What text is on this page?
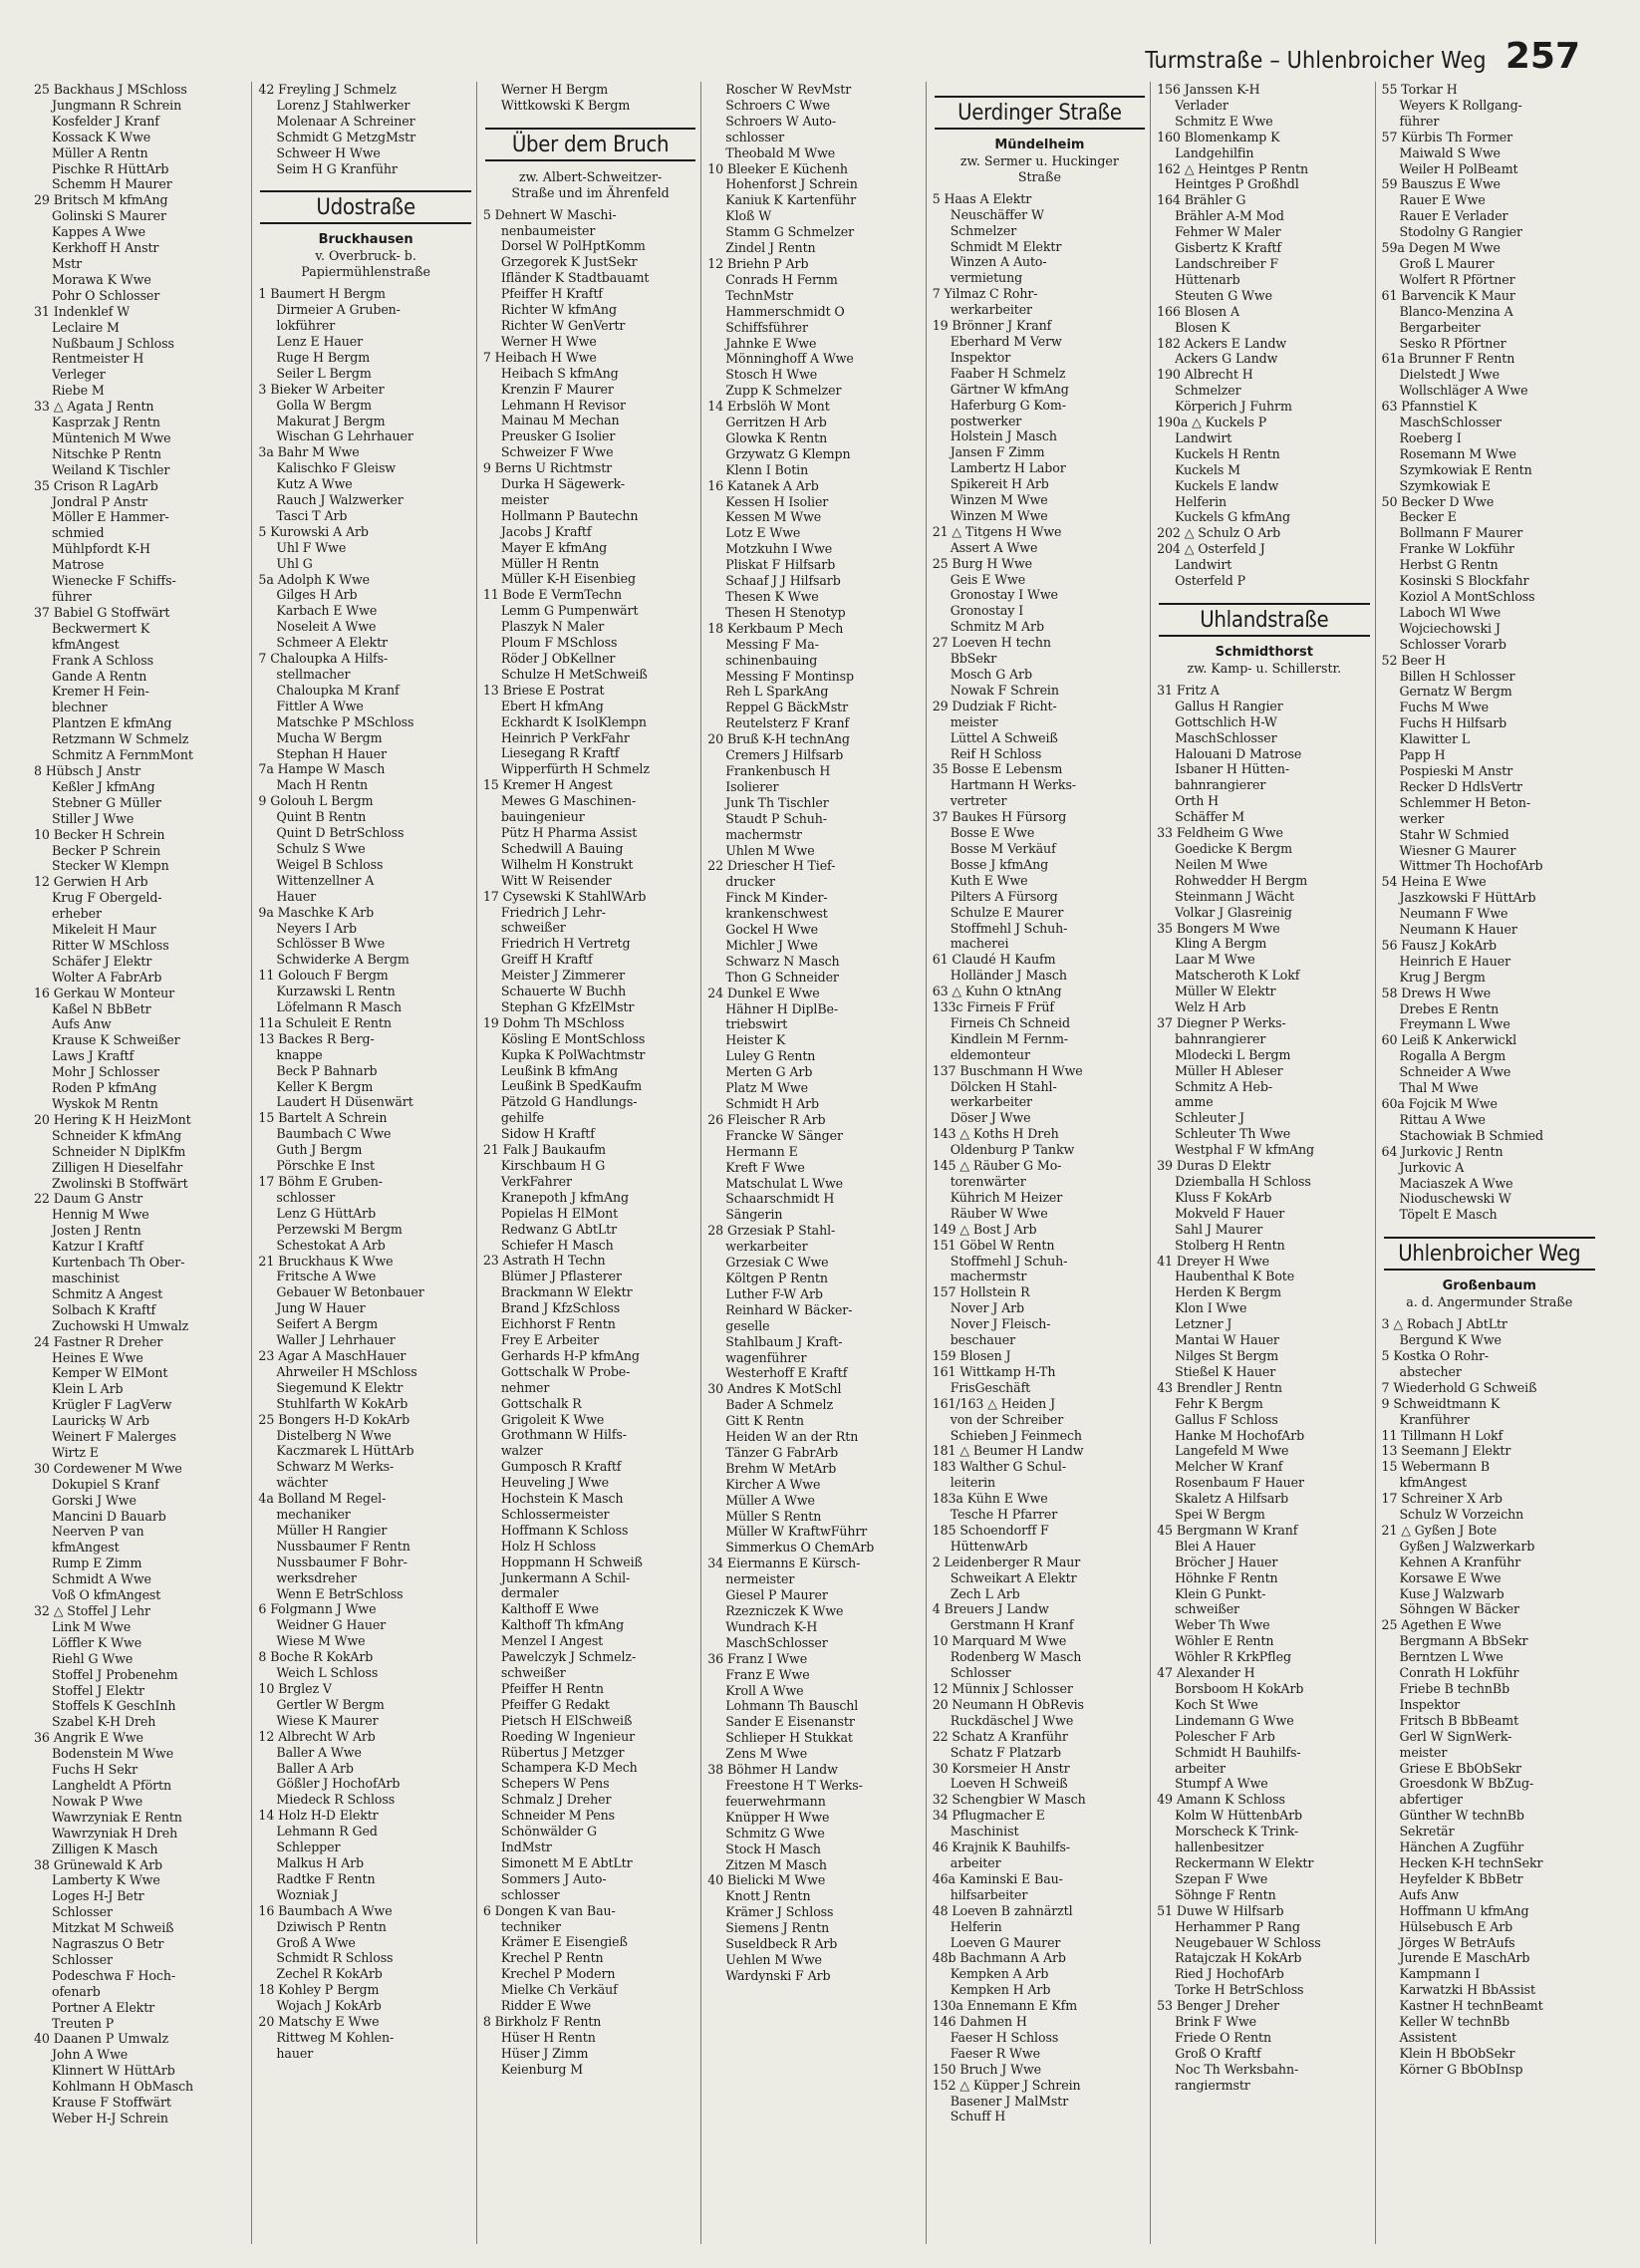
Turmstraße – Uhlenbroicher Weg 257
25 Backhaus J MSchloss
Jungmann R Schrein
Kosfelder J Kranf
Kossack K Wwe
Müller A Rentn
Pischke R HüttArb
Schemm H Maurer
29 Britsch M kfmAng
Golinski S Maurer
Kappes A Wwe
Kerkhoff H Anstr
Mstr
Morawa K Wwe
Pohr O Schlosser
31 Indenklef W
Leclaire M
Nußbaum J Schloss
Rentmeister H
Verleger
Riebe M
33 △ Agata J Rentn
Kasprzak J Rentn
Müntenich M Wwe
Nitschke P Rentn
Weiland K Tischler
35 Crison R LagArb
Jondral P Anstr
Möller E Hammer-
schmied
Mühlpfordt K-H
Matrose
Wienecke F Schiffs-
führer
37 Babiel G Stoffwärt
Beckwermert K
kfmAngest
Frank A Schloss
Gande A Rentn
Kremer H Fein-
blechner
Plantzen E kfmAng
Retzmann W Schmelz
Schmitz A FernmMont
8 Hübsch J Anstr
Keßler J kfmAng
Stebner G Müller
Stiller J Wwe
10 Becker H Schrein
Becker P Schrein
Stecker W Klempn
12 Gerwien H Arb
Krug F Obergeld-
erheber
Mikeleit H Maur
Ritter W MSchloss
Schäfer J Elektr
Wolter A FabrArb
16 Gerkau W Monteur
Kaßel N BbBetr
Aufs Anw
Krause K Schweißer
Laws J Kraftf
Mohr J Schlosser
Roden P kfmAng
Wyskok M Rentn
20 Hering K H HeizMont
Schneider K kfmAng
Schneider N DiplKfm
Zilligen H Dieselfahr
Zwolinski B Stoffwärt
22 Daum G Anstr
Hennig M Wwe
Josten J Rentn
Katzur I Kraftf
Kurtenbach Th Ober-
maschinist
Schmitz A Angest
Solbach K Kraftf
Zuchowski H Umwalz
24 Fastner R Dreher
Heines E Wwe
Kemper W ElMont
Klein L Arb
Krügler F LagVerw
Laurickș W Arb
Weinert F Malerges
Wirtz E
30 Cordewener M Wwe
Dokupiel S Kranf
Gorski J Wwe
Mancini D Bauarb
Neerven P van
kfmAngest
Rump E Zimm
Schmidt A Wwe
Voß O kfmAngest
32 △ Stoffel J Lehr
Link M Wwe
Löffler K Wwe
Riehl G Wwe
Stoffel J Probenehm
Stoffel J Elektr
Stoffels K GeschInh
Szabel K-H Dreh
36 Angrik E Wwe
Bodenstein M Wwe
Fuchs H Sekr
Langheldt A Pförtn
Nowak P Wwe
Wawrzyniak E Rentn
Wawrzyniak H Dreh
Zilligen K Masch
38 Grünewald K Arb
Lamberty K Wwe
Loges H-J Betr
Schlosser
Mitzkat M Schweiß
Nagraszus O Betr
Schlosser
Podeschwa F Hoch-
ofenarb
Portner A Elektr
Treuten P
40 Daanen P Umwalz
John A Wwe
Klinnert W HüttArb
Kohlmann H ObMasch
Krause F Stoffwärt
Weber H-J Schrein
42 Freyling J Schmelz
Lorenz J Stahlwerker
Molenaar A Schreiner
Schmidt G MetzgMstr
Schweer H Wwe
Seim H G Kranführ
Udostraße
Bruckhausen
v. Overbruck- b.
Papiermühlenstraße
1 Baumert H Bergm
Dirmeier A Gruben-
lokführer
Lenz E Hauer
Ruge H Bergm
Seiler L Bergm
3 Bieker W Arbeiter
Golla W Bergm
Makurat J Bergm
Wischan G Lehrhauer
3a Bahr M Wwe
Kalischko F Gleisw
Kutz A Wwe
Rauch J Walzwerker
Tasci T Arb
5 Kurowski A Arb
Uhl F Wwe
Uhl G
5a Adolph K Wwe
Gilges H Arb
Karbach E Wwe
Noseleit A Wwe
Schmeer A Elektr
7 Chaloupka A Hilfs-
stellmacher
Chaloupka M Kranf
Fittler A Wwe
Matschke P MSchloss
Mucha W Bergm
Stephan H Hauer
7a Hampe W Masch
Mach H Rentn
9 Golouh L Bergm
Quint B Rentn
Quint D BetrSchloss
Schulz S Wwe
Weigel B Schloss
Wittenzellner A
Hauer
9a Maschke K Arb
Neyers I Arb
Schlösser B Wwe
Schwiderke A Bergm
11 Golouch F Bergm
Kurzawski L Rentn
Löfelmann R Masch
11a Schuleit E Rentn
13 Backes R Berg-
knappe
Beck P Bahnarb
Keller K Bergm
Laudert H Düsenwärt
15 Bartelt A Schrein
Baumbach C Wwe
Guth J Bergm
Pörschke E Inst
17 Böhm E Gruben-
schlosser
Lenz G HüttArb
Perzewski M Bergm
Schestokat A Arb
21 Bruckhaus K Wwe
Fritsche A Wwe
Gebauer W Betonbauer
Jung W Hauer
Seifert A Bergm
Waller J Lehrhauer
23 Agar A MaschHauer
Ahrweiler H MSchloss
Siegemund K Elektr
Stuhlfarth W KokArb
25 Bongers H-D KokArb
Distelberg N Wwe
Kaczmarek L HüttArb
Schwarz M Werks-
wächter
4a Bolland M Regel-
mechaniker
Müller H Rangier
Nussbaumer F Rentn
Nussbaumer F Bohr-
werksdreher
Wenn E BetrSchloss
6 Folgmann J Wwe
Weidner G Hauer
Wiese M Wwe
8 Boche R KokArb
Weich L Schloss
10 Brglez V
Gertler W Bergm
Wiese K Maurer
12 Albrecht W Arb
Baller A Wwe
Baller A Arb
Gößler J HochofArb
Miedeck R Schloss
14 Holz H-D Elektr
Lehmann R Ged
Schlepper
Malkus H Arb
Radtke F Rentn
Wozniak J
16 Baumbach A Wwe
Dziwisch P Rentn
Groß A Wwe
Schmidt R Schloss
Zechel R KokArb
18 Kohley P Bergm
Wojach J KokArb
20 Matschy E Wwe
Rittweg M Kohlen-
hauer
Werner H Bergm
Wittkowski K Bergm
Über dem Bruch
zw. Albert-Schweitzer-
Straße und im Ährenfeld
5 Dehnert W Maschi-
nenbaumeister
Dorsel W PolHptKomm
Grzegorek K JustSekr
Ifländer K Stadtbauamt
Pfeiffer H Kraftf
Richter W kfmAng
Richter W GenVertr
Werner H Wwe
7 Heibach H Wwe
Heibach S kfmAng
Krenzin F Maurer
Lehmann H Revisor
Mainau M Mechan
Preusker G Isolier
Schweizer F Wwe
9 Berns U Richtmstr
Durka H Sägewerk-
meister
Hollmann P Bautechn
Jacobs J Kraftf
Mayer E kfmAng
Müller H Rentn
Müller K-H Eisenbieg
11 Bode E VermTechn
Lemm G Pumpenwärt
Plaszyk N Maler
Ploum F MSchloss
Röder J ObKellner
Schulze H MetSchweiß
13 Briese E Postrat
Ebert H kfmAng
Eckhardt K IsolKlempn
Heinrich P VerkFahr
Liesegang R Kraftf
Wipperfürth H Schmelz
15 Kremer H Angest
Mewes G Maschinen-
bauingenieur
Pütz H Pharma Assist
Schedwill A Bauing
Wilhelm H Konstrukt
Witt W Reisender
17 Cysewski K StahlWArb
Friedrich J Lehr-
schweißer
Friedrich H Vertretg
Greiff H Kraftf
Meister J Zimmerer
Schauerte W Buchh
Stephan G KfzElMstr
19 Dohm Th MSchloss
Kösling E MontSchloss
Kupka K PolWachtmstr
Leußink B kfmAng
Leußink B SpedKaufm
Pätzold G Handlungs-
gehilfe
Sidow H Kraftf
21 Falk J Baukaufm
Kirschbaum H G
VerkFahrer
Kranepoth J kfmAng
Popielas H ElMont
Redwanz G AbtLtr
Schiefer H Masch
23 Astrath H Techn
Blümer J Pflasterer
Brackmann W Elektr
Brand J KfzSchloss
Eichhorst F Rentn
Frey E Arbeiter
Gerhards H-P kfmAng
Gottschalk W Probe-
nehmer
Gottschalk R
Grigoleit K Wwe
Grothmann W Hilfs-
walzer
Gumposch R Kraftf
Heuveling J Wwe
Hochstein K Masch
Schlossermeister
Hoffmann K Schloss
Holz H Schloss
Hoppmann H Schweiß
Junkermann A Schil-
dermaler
Kalthoff E Wwe
Kalthoff Th kfmAng
Menzel I Angest
Pawelczyk J Schmelz-
schweißer
Pfeiffer H Rentn
Pfeiffer G Redakt
Pietsch H ElSchweiß
Roeding W Ingenieur
Rübertus J Metzger
Schampera K-D Mech
Schepers W Pens
Schmalz J Dreher
Schneider M Pens
Schönwälder G
IndMstr
Simonett M E AbtLtr
Sommers J Auto-
schlosser
6 Dongen K van Bau-
techniker
Krämer E Eisengieß
Krechel P Rentn
Krechel P Modern
Mielke Ch Verkäuf
Ridder E Wwe
8 Birkholz F Rentn
Hüser H Rentn
Hüser J Zimm
Keienburg M
Roscher W RevMstr
Schroers C Wwe
Schroers W Auto-
schlosser
Theobald M Wwe
10 Bleeker E Küchenh
Hohenforst J Schrein
Kaniuk K Kartenführ
Kloß W
Stamm G Schmelzer
Zindel J Rentn
12 Briehn P Arb
Conrads H Fernm
TechnMstr
Hammerschmidt O
Schiffsführer
Jahnke E Wwe
Mönninghoff A Wwe
Stosch H Wwe
Zupp K Schmelzer
14 Erbslöh W Mont
Gerritzen H Arb
Glowka K Rentn
Grzywatz G Klempn
Klenn I Botin
16 Katanek A Arb
Kessen H Isolier
Kessen M Wwe
Lotz E Wwe
Motzkuhn I Wwe
Pliskat F Hilfsarb
Schaaf J J Hilfsarb
Thesen K Wwe
Thesen H Stenotyp
18 Kerkbaum P Mech
Messing F Ma-
schinenbauing
Messing F Montinsp
Reh L SparkAng
Reppel G BäckMstr
Reutelsterz F Kranf
20 Bruß K-H technAng
Cremers J Hilfsarb
Frankenbusch H
Isolierer
Junk Th Tischler
Staudt P Schuh-
machermstr
Uhlen M Wwe
22 Driescher H Tief-
drucker
Finck M Kinder-
krankenschwest
Gockel H Wwe
Michler J Wwe
Schwarz N Masch
Thon G Schneider
24 Dunkel E Wwe
Hähner H DiplBe-
triebswirt
Heister K
Luley G Rentn
Merten G Arb
Platz M Wwe
Schmidt H Arb
26 Fleischer R Arb
Francke W Sänger
Hermann E
Kreft F Wwe
Matschulat L Wwe
Schaarschmidt H
Sängerin
28 Grzesiak P Stahl-
werkarbeiter
Grzesiak C Wwe
Költgen P Rentn
Luther F-W Arb
Reinhard W Bäcker-
geselle
Stahlbaum J Kraft-
wagenführer
Westerhoff E Kraftf
30 Andres K MotSchl
Bader A Schmelz
Gitt K Rentn
Heiden W an der Rtn
Tänzer G FabrArb
Brehm W MetArb
Kircher A Wwe
Müller A Wwe
Müller S Rentn
Müller W KraftwFührr
Simmerkus O ChemArb
34 Eiermanns E Kürsch-
nermeister
Giesel P Maurer
Rzezniczek K Wwe
Wundrach K-H
MaschSchlosser
36 Franz I Wwe
Franz E Wwe
Kroll A Wwe
Lohmann Th Bauschl
Sander E Eisenanstr
Schlieper H Stukkat
Zens M Wwe
38 Böhmer H Landw
Freestone H T Werks-
feuerwehrmann
Knüpper H Wwe
Schmitz G Wwe
Stock H Masch
Zitzen M Masch
40 Bielicki M Wwe
Knott J Rentn
Krämer J Schloss
Siemens J Rentn
Suseldbeck R Arb
Uehlen M Wwe
Wardynski F Arb
Uerdinger Straße
Mündelheim
zw. Sermer u. Huckinger
Straße
5 Haas A Elektr
Neuschäffer W
Schmelzer
Schmidt M Elektr
Winzen A Auto-
vermietung
7 Yilmaz C Rohr-
werkarbeiter
19 Brönner J Kranf
Eberhard M Verw
Inspektor
Faaber H Schmelz
Gärtner W kfmAng
Haferburg G Kom-
postwerker
Holstein J Masch
Jansen F Zimm
Lambertz H Labor
Spikereit H Arb
Winzen M Wwe
Winzen M Wwe
21 △ Titgens H Wwe
Assert A Wwe
25 Burg H Wwe
Geis E Wwe
Gronostay I Wwe
Gronostay I
Schmitz M Arb
27 Loeven H techn
BbSekr
Mosch G Arb
Nowak F Schrein
29 Dudziak F Richt-
meister
Lüttel A Schweiß
Reif H Schloss
35 Bosse E Lebensm
Hartmann H Werks-
vertreter
37 Baukes H Fürsorg
Bosse E Wwe
Bosse M Verkäuf
Bosse J kfmAng
Kuth E Wwe
Pilters A Fürsorg
Schulze E Maurer
Stoffmehl J Schuh-
macherei
61 Claudé H Kaufm
Holländer J Masch
63 △ Kuhn O ktnAng
133c Firneis F Früf
Firneis Ch Schneid
Kindlein M Fernm-
eldemonteur
137 Buschmann H Wwe
Dölcken H Stahl-
werkarbeiter
Döser J Wwe
143 △ Koths H Dreh
Oldenburg P Tankw
145 △ Räuber G Mo-
torenwärter
Kührich M Heizer
Räuber W Wwe
149 △ Bost J Arb
151 Göbel W Rentn
Stoffmehl J Schuh-
machermstr
157 Hollstein R
Nover J Arb
Nover J Fleisch-
beschauer
159 Blosen J
161 Wittkamp H-Th
FrisGeschäft
161/163 △ Heiden J
von der Schreiber
Schieben J Feinmech
181 △ Beumer H Landw
183 Walther G Schul-
leiterin
183a Kühn E Wwe
Tesche H Pfarrer
185 Schoendorff F
HüttenwArb
2 Leidenberger R Maur
Schweikart A Elektr
Zech L Arb
4 Breuers J Landw
Gerstmann H Kranf
10 Marquard M Wwe
Rodenberg W Masch
Schlosser
12 Münnix J Schlosser
20 Neumann H ObRevis
Ruckdäschel J Wwe
22 Schatz A Kranführ
Schatz F Platzarb
30 Korsmeier H Anstr
Loeven H Schweiß
32 Schengbier W Masch
34 Pflugmacher E
Maschinist
46 Krajnik K Bauhilfs-
arbeiter
46a Kaminski E Bau-
hilfsarbeiter
48 Loeven B zahnärztl
Helferin
Loeven G Maurer
48b Bachmann A Arb
Kempken A Arb
Kempken H Arb
130a Ennemann E Kfm
146 Dahmen H
Faeser H Schloss
Faeser R Wwe
150 Bruch J Wwe
152 △ Küpper J Schrein
Basener J MalMstr
Schuff H
156 Janssen K-H
Verlader
Schmitz E Wwe
160 Blomenkamp K
Landgehilfin
162 △ Heintges P Rentn
Heintges P Großhdl
164 Brähler G
Brähler A-M Mod
Fehmer W Maler
Gisbertz K Kraftf
Landschreiber F
Hüttenarb
Steuten G Wwe
166 Blosen A
Blosen K
182 Ackers E Landw
Ackers G Landw
190 Albrecht H
Schmelzer
Körperich J Fuhrm
190a △ Kuckels P
Landwirt
Kuckels H Rentn
Kuckels M
Kuckels E landw
Helferin
Kuckels G kfmAng
202 △ Schulz O Arb
204 △ Osterfeld J
Landwirt
Osterfeld P
Uhlandstraße
Schmidthorst
zw. Kamp- u. Schillerstr.
31 Fritz A
Gallus H Rangier
Gottschlich H-W
MaschSchlosser
Halouani D Matrose
Isbaner H Hütten-
bahnrangierer
Orth H
Schäffer M
33 Feldheim G Wwe
Goedicke K Bergm
Neilen M Wwe
Rohwedder H Bergm
Steinmann J Wächt
Volkar J Glasreinig
35 Bongers M Wwe
Kling A Bergm
Laar M Wwe
Matscheroth K Lokf
Müller W Elektr
Welz H Arb
37 Diegner P Werks-
bahnrangierer
Mlodecki L Bergm
Müller H Ableser
Schmitz A Heb-
amme
Schleuter J
Schleuter Th Wwe
Westphal F W kfmAng
39 Duras D Elektr
Dziemballa H Schloss
Kluss F KokArb
Mokveld F Hauer
Sahl J Maurer
Stolberg H Rentn
41 Dreyer H Wwe
Haubenthal K Bote
Herden K Bergm
Klon I Wwe
Letzner J
Mantai W Hauer
Nilges St Bergm
Stießel K Hauer
43 Brendler J Rentn
Fehr K Bergm
Gallus F Schloss
Hanke M HochofArb
Langefeld M Wwe
Melcher W Kranf
Rosenbaum F Hauer
Skaletz A Hilfsarb
Spei W Bergm
45 Bergmann W Kranf
Blei A Hauer
Bröcher J Hauer
Höhnke F Rentn
Klein G Punkt-
schweißer
Weber Th Wwe
Wöhler E Rentn
Wöhler R KrkPfleg
47 Alexander H
Borsboom H KokArb
Koch St Wwe
Lindemann G Wwe
Polescher F Arb
Schmidt H Bauhilfs-
arbeiter
Stumpf A Wwe
49 Amann K Schloss
Kolm W HüttenbArb
Morscheck K Trink-
hallenbesitzer
Reckermann W Elektr
Szepan F Wwe
Söhnge F Rentn
51 Duwe W Hilfsarb
Herhammer P Rang
Neugebauer W Schloss
Ratajczak H KokArb
Ried J HochofArb
Torke H BetrSchloss
53 Benger J Dreher
Brink F Wwe
Friede O Rentn
Groß O Kraftf
Noc Th Werksbahn-
rangiermstr
55 Torkar H
Weyers K Rollgang-
führer
57 Kürbis Th Former
Maiwald S Wwe
Weiler H PolBeamt
59 Bauszus E Wwe
Rauer E Wwe
Rauer E Verlader
Stodolny G Rangier
59a Degen M Wwe
Groß L Maurer
Wolfert R Pförtner
61 Barvencik K Maur
Blanco-Menzina A
Bergarbeiter
Sesko R Pförtner
61a Brunner F Rentn
Dielstedt J Wwe
Wollschläger A Wwe
63 Pfannstiel K
MaschSchlosser
Roeberg I
Rosemann M Wwe
Szymkowiak E Rentn
Szymkowiak E
50 Becker D Wwe
Becker E
Bollmann F Maurer
Franke W Lokführ
Herbst G Rentn
Kosinski S Blockfahr
Koziol A MontSchloss
Laboch Wl Wwe
Wojciechowski J
Schlosser Vorarb
52 Beer H
Billen H Schlosser
Gernatz W Bergm
Fuchs M Wwe
Fuchs H Hilfsarb
Klawitter L
Papp H
Pospieski M Anstr
Recker D HdlsVertr
Schlemmer H Beton-
werker
Stahr W Schmied
Wiesner G Maurer
Wittmer Th HochofArb
54 Heina E Wwe
Jaszkowski F HüttArb
Neumann F Wwe
Neumann K Hauer
56 Fausz J KokArb
Heinrich E Hauer
Krug J Bergm
58 Drews H Wwe
Drebes E Rentn
Freymann L Wwe
60 Leiß K Ankerwickl
Rogalla A Bergm
Schneider A Wwe
Thal M Wwe
60a Fojcik M Wwe
Rittau A Wwe
Stachowiak B Schmied
64 Jurkovic J Rentn
Jurkovic A
Maciaszek A Wwe
Nioduschewski W
Töpelt E Masch
Uhlenbroicher Weg
Großenbaum
a. d. Angermunder Straße
3 △ Robach J AbtLtr
Bergund K Wwe
5 Kostka O Rohr-
abstecher
7 Wiederhold G Schweiß
9 Schweidtmann K
Kranführer
11 Tillmann H Lokf
13 Seemann J Elektr
15 Webermann B
kfmAngest
17 Schreiner X Arb
Schulz W Vorzeichn
21 △ Gyßen J Bote
Gyßen J Walzwerkarb
Kehnen A Kranführ
Korsawe E Wwe
Kuse J Walzwarb
Söhngen W Bäcker
25 Agethen E Wwe
Bergmann A BbSekr
Berntzen L Wwe
Conrath H Lokführ
Friebe B technBb
Inspektor
Fritsch B BbBeamt
Gerl W SignWerk-
meister
Griese E BbObSekr
Groesdonk W BbZug-
abfertiger
Günther W technBb
Sekretär
Hänchen A Zugführ
Hecken K-H technSekr
Heyfelder K BbBetr
Aufs Anw
Hoffmann U kfmAng
Hülsebusch E Arb
Jörges W BetrAufs
Jurende E MaschArb
Kampmann I
Karwatzki H BbAssist
Kastner H technBeamt
Keller W technBb
Assistent
Klein H BbObSekr
Körner G BbObInsp
